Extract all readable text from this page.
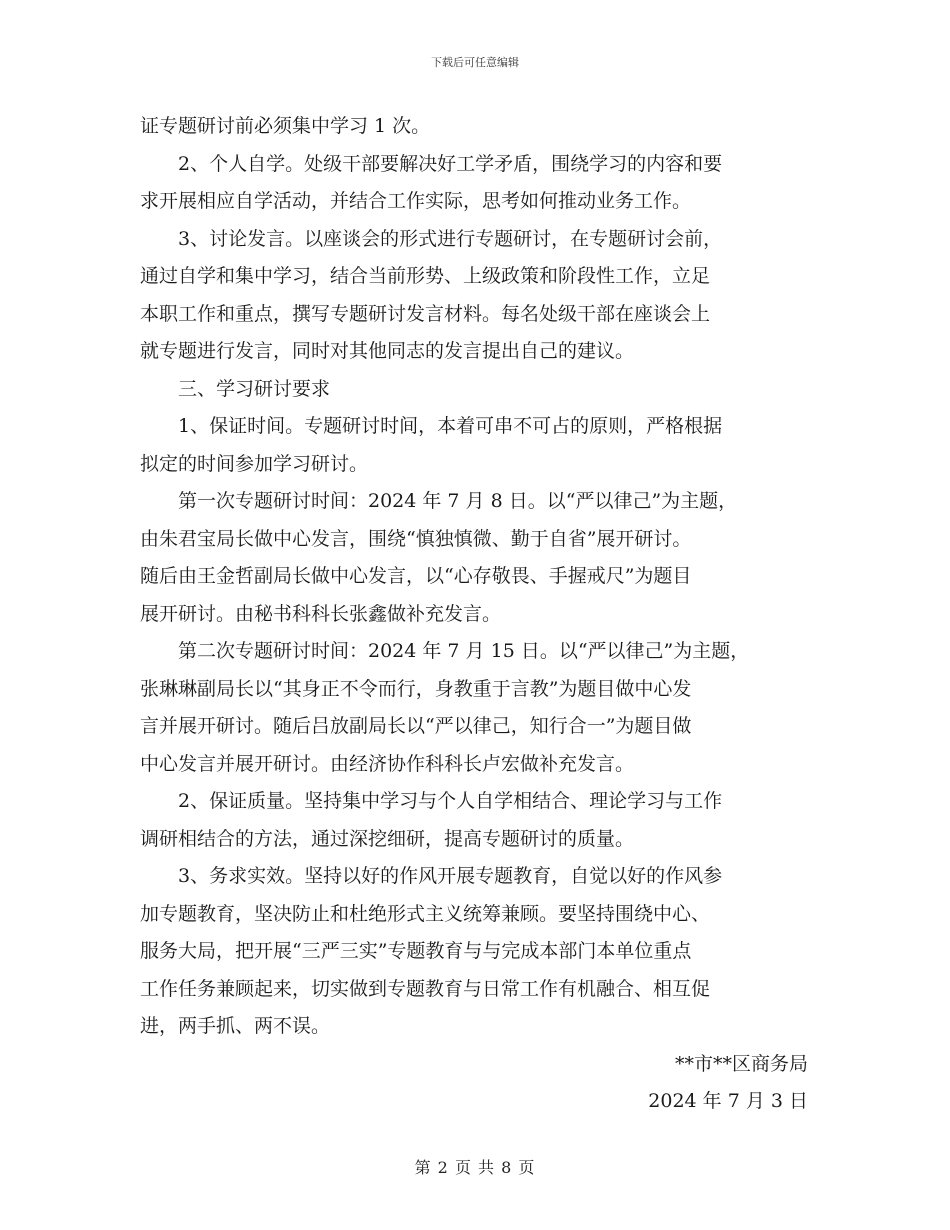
下载后可任意编辑
证专题研讨前必须集中学习 1 次。
2、个人自学。处级干部要解决好工学矛盾，围绕学习的内容和要
求开展相应自学活动，并结合工作实际，思考如何推动业务工作。
3、讨论发言。以座谈会的形式进行专题研讨，在专题研讨会前，
通过自学和集中学习，结合当前形势、上级政策和阶段性工作，立足
本职工作和重点，撰写专题研讨发言材料。每名处级干部在座谈会上
就专题进行发言，同时对其他同志的发言提出自己的建议。
三、学习研讨要求
1、保证时间。专题研讨时间，本着可串不可占的原则，严格根据
拟定的时间参加学习研讨。
第一次专题研讨时间：2024 年 7 月 8 日。以“严以律己”为主题，
由朱君宝局长做中心发言，围绕“慎独慎微、勤于自省”展开研讨。
随后由王金哲副局长做中心发言，以“心存敬畏、手握戒尺”为题目
展开研讨。由秘书科科长张鑫做补充发言。
第二次专题研讨时间：2024 年 7 月 15 日。以“严以律己”为主题，
张琳琳副局长以“其身正不令而行，身教重于言教”为题目做中心发
言并展开研讨。随后吕放副局长以“严以律己，知行合一”为题目做
中心发言并展开研讨。由经济协作科科长卢宏做补充发言。
2、保证质量。坚持集中学习与个人自学相结合、理论学习与工作
调研相结合的方法，通过深挖细研，提高专题研讨的质量。
3、务求实效。坚持以好的作风开展专题教育，自觉以好的作风参
加专题教育，坚决防止和杜绝形式主义统筹兼顾。要坚持围绕中心、
服务大局，把开展“三严三实”专题教育与与完成本部门本单位重点
工作任务兼顾起来，切实做到专题教育与日常工作有机融合、相互促
进，两手抓、两不误。
**市**区商务局
2024 年 7 月 3 日
第 2 页 共 8 页
